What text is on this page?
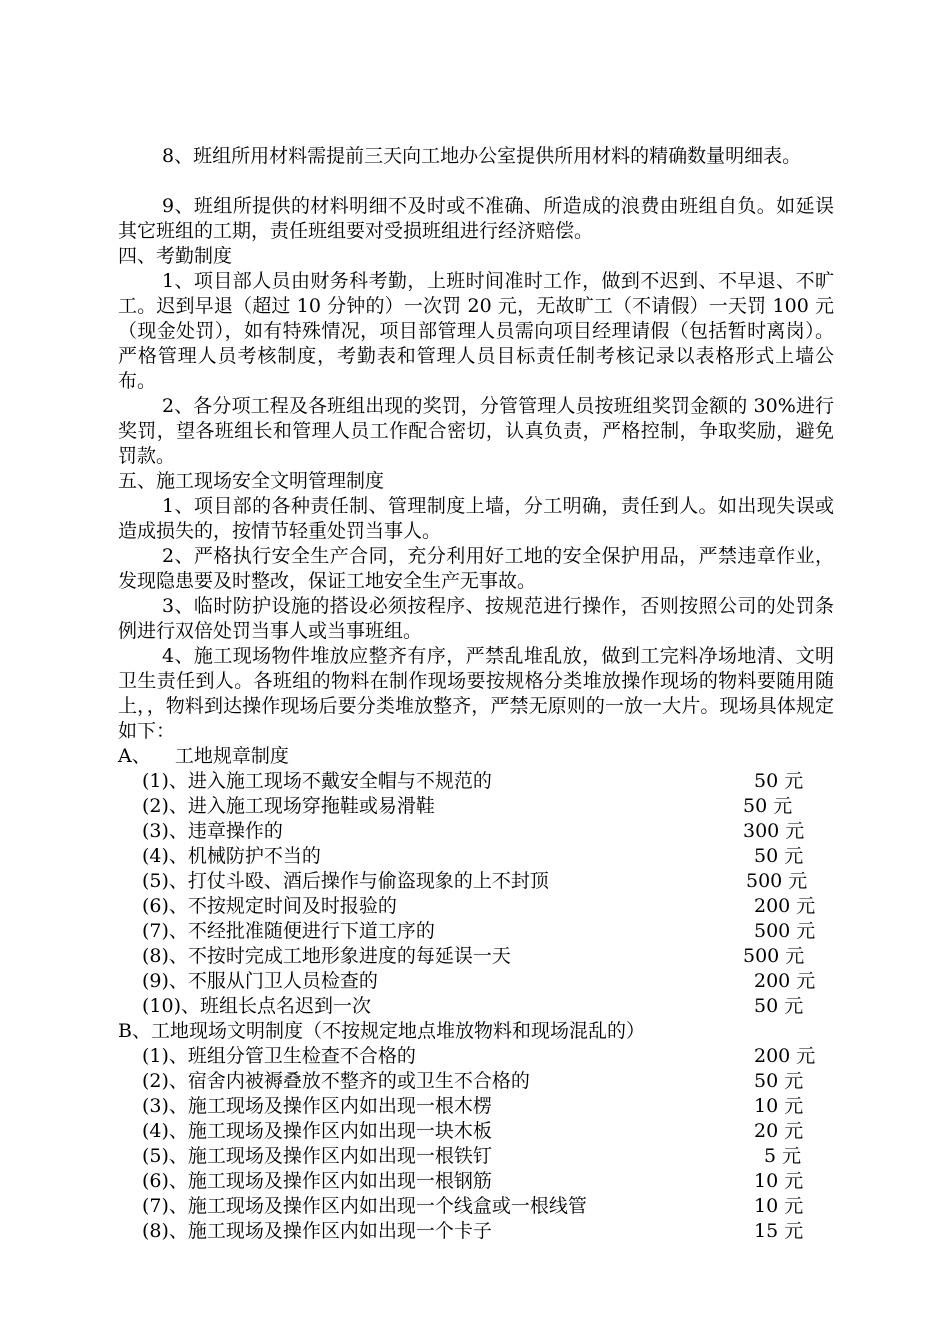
8、班组所用材料需提前三天向工地办公室提供所用材料的精确数量明细表。

9、班组所提供的材料明细不及时或不准确、所造成的浪费由班组自负。如延误其它班组的工期，责任班组要对受损班组进行经济赔偿。

四、考勤制度

1、项目部人员由财务科考勤，上班时间准时工作，做到不迟到、不早退、不旷工。迟到早退（超过 10 分钟的）一次罚 20 元，无故旷工（不请假）一天罚 100 元（现金处罚），如有特殊情况，项目部管理人员需向项目经理请假（包括暂时离岗）。严格管理人员考核制度，考勤表和管理人员目标责任制考核记录以表格形式上墙公布。

2、各分项工程及各班组出现的奖罚，分管管理人员按班组奖罚金额的 30%进行奖罚，望各班组长和管理人员工作配合密切，认真负责，严格控制，争取奖励，避免罚款。

五、施工现场安全文明管理制度

1、项目部的各种责任制、管理制度上墙，分工明确，责任到人。如出现失误或造成损失的，按情节轻重处罚当事人。

2、严格执行安全生产合同，充分利用好工地的安全保护用品，严禁违章作业，发现隐患要及时整改，保证工地安全生产无事故。

3、临时防护设施的搭设必须按程序、按规范进行操作，否则按照公司的处罚条例进行双倍处罚当事人或当事班组。

4、施工现场物件堆放应整齐有序，严禁乱堆乱放，做到工完料净场地清、文明卫生责任到人。各班组的物料在制作现场要按规格分类堆放操作现场的物料要随用随上，，物料到达操作现场后要分类堆放整齐，严禁无原则的一放一大片。现场具体规定如下：

A、    工地规章制度

(1)、进入施工现场不戴安全帽与不规范的	50 元
(2)、进入施工现场穿拖鞋或易滑鞋	50 元
(3)、违章操作的	300 元
(4)、机械防护不当的	50 元
(5)、打仗斗殴、酒后操作与偷盗现象的上不封顶	500 元
(6)、不按规定时间及时报验的	200 元
(7)、不经批准随便进行下道工序的	500 元
(8)、不按时完成工地形象进度的每延误一天	500 元
(9)、不服从门卫人员检查的	200 元
(10)、班组长点名迟到一次	50 元

B、工地现场文明制度（不按规定地点堆放物料和现场混乱的）

(1)、班组分管卫生检查不合格的	200 元
(2)、宿舍内被褥叠放不整齐的或卫生不合格的	50 元
(3)、施工现场及操作区内如出现一根木楞	10 元
(4)、施工现场及操作区内如出现一块木板	20 元
(5)、施工现场及操作区内如出现一根铁钉	5 元
(6)、施工现场及操作区内如出现一根钢筋	10 元
(7)、施工现场及操作区内如出现一个线盒或一根线管	10 元
(8)、施工现场及操作区内如出现一个卡子	15 元
